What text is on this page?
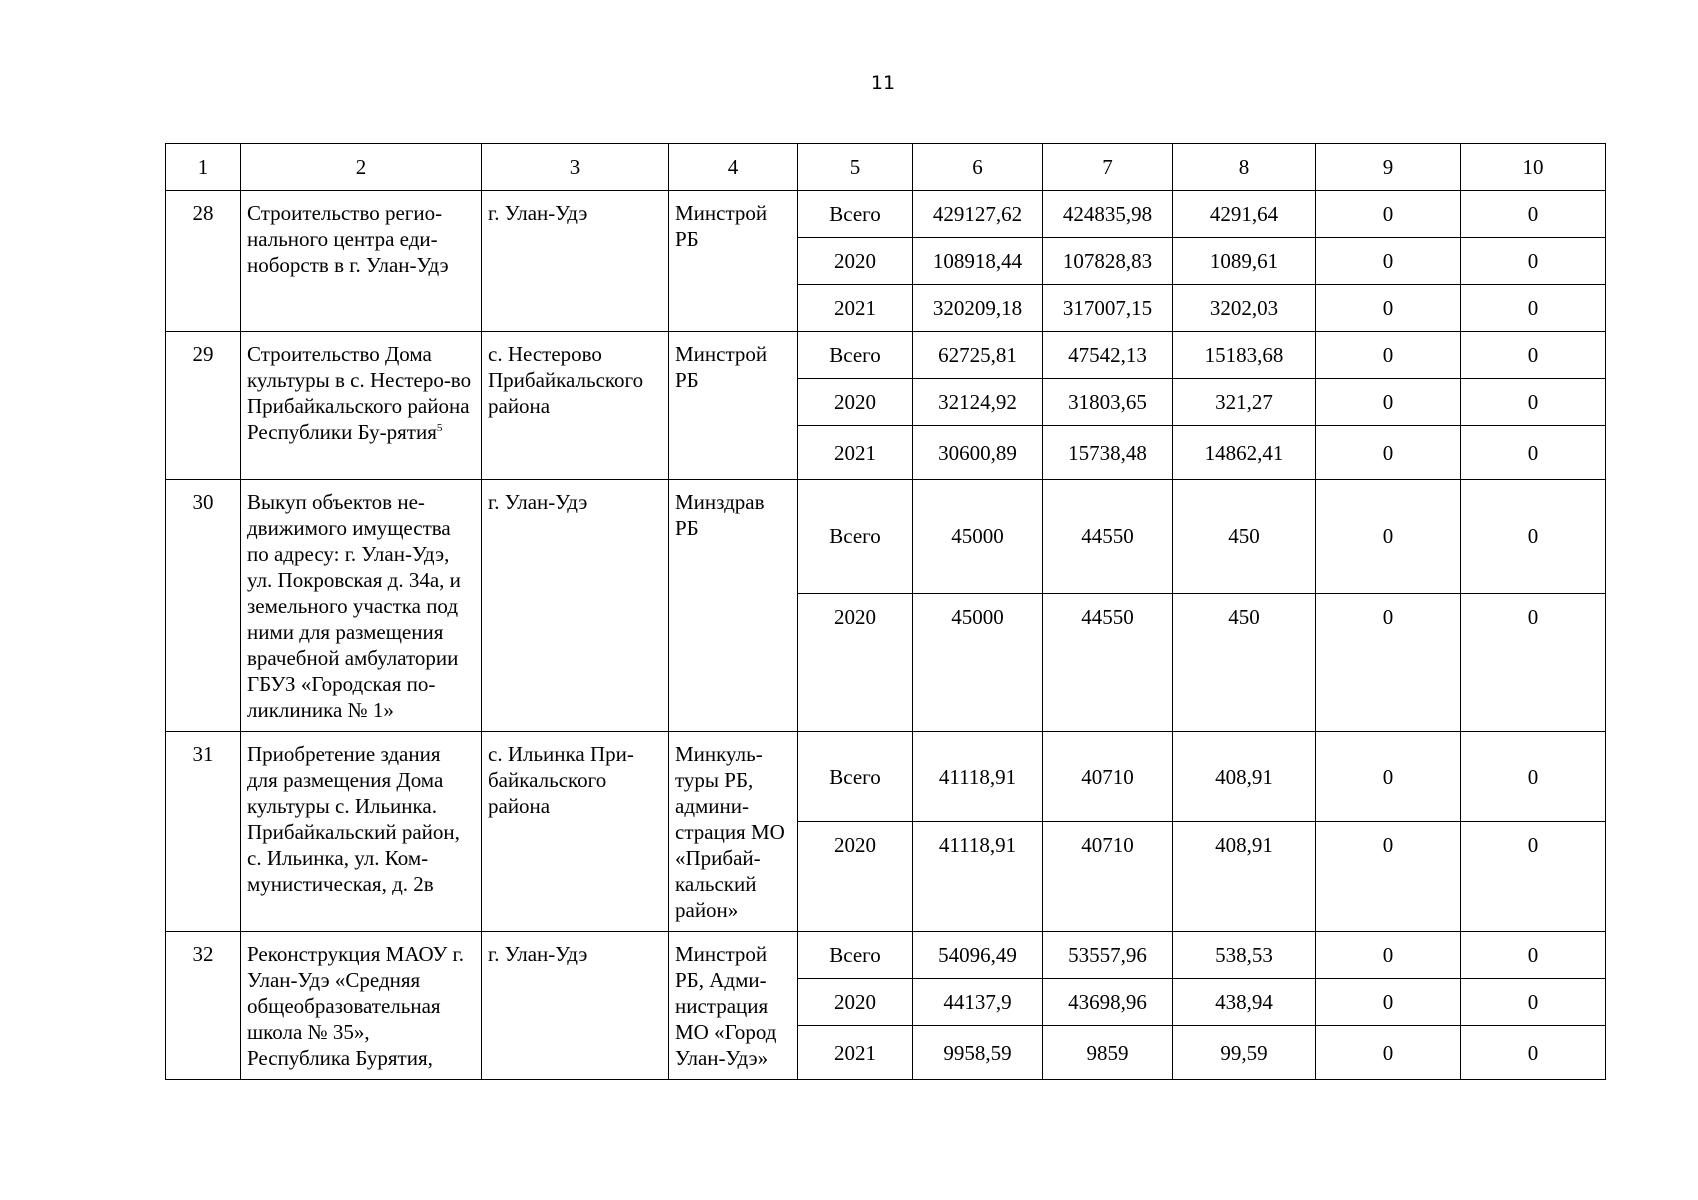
11
1	2	3	4	5	6	7	8	9	10
28	Строительство регио-нального центра еди-ноборств в г. Улан-Удэ	г. Улан-Удэ	Минстрой РБ	Всего	429127,62	424835,98	4291,64	0	0
				2020	108918,44	107828,83	1089,61	0	0
				2021	320209,18	317007,15	3202,03	0	0
29	Строительство Дома культуры в с. Нестеро-во Прибайкальского района Республики Бу-рятия$^5$	с. Нестерово Прибайкальского района	Минстрой РБ	Всего	62725,81	47542,13	15183,68	0	0
				2020	32124,92	31803,65	321,27	0	0
				2021	30600,89	15738,48	14862,41	0	0
30	Выкуп объектов не-движимого имущества по адресу: г. Улан-Удэ, ул. Покровская д. 34а, и земельного участка под ними для размещения врачебной амбулатории ГБУЗ «Городская по-ликлиника № 1»	г. Улан-Удэ	Минздрав РБ	Всего	45000	44550	450	0	0
				2020	45000	44550	450	0	0
31	Приобретение здания для размещения Дома культуры с. Ильинка. Прибайкальский район, с. Ильинка, ул. Ком-мунистическая, д. 2в	с. Ильинка При-байкальского района	Минкуль-туры РБ, админи-страция МО «Прибай-кальский район»	Всего	41118,91	40710	408,91	0	0
				2020	41118,91	40710	408,91	0	0
32	Реконструкция МАОУ г. Улан-Удэ «Средняя общеобразовательная школа № 35», Республика Бурятия,	г. Улан-Удэ	Минстрой РБ, Адми-нистрация МО «Город Улан-Удэ»	Всего	54096,49	53557,96	538,53	0	0
				2020	44137,9	43698,96	438,94	0	0
				2021	9958,59	9859	99,59	0	0
